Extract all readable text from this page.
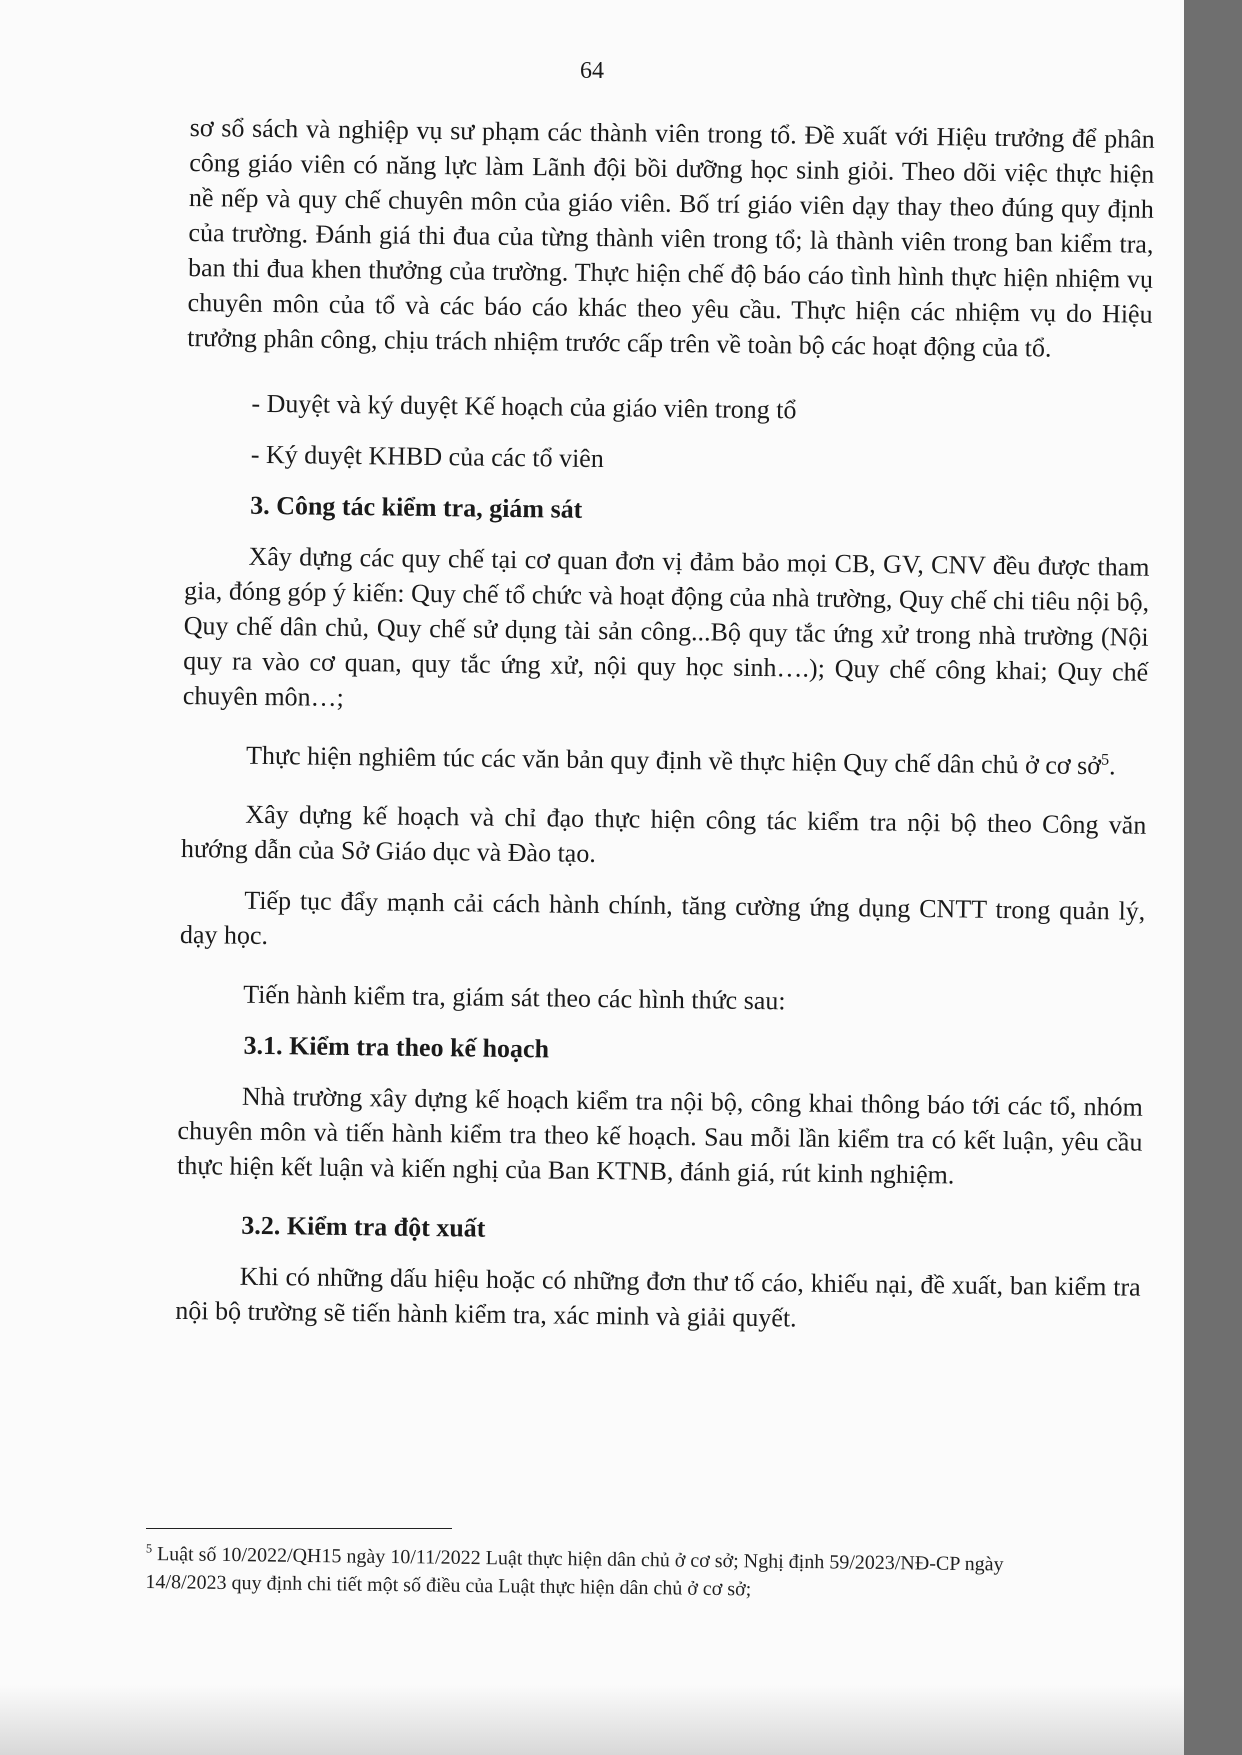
64

sơ sổ sách và nghiệp vụ sư phạm các thành viên trong tổ. Đề xuất với Hiệu trưởng để phân công giáo viên có năng lực làm Lãnh đội bồi dưỡng học sinh giỏi. Theo dõi việc thực hiện nề nếp và quy chế chuyên môn của giáo viên. Bố trí giáo viên dạy thay theo đúng quy định của trường. Đánh giá thi đua của từng thành viên trong tổ; là thành viên trong ban kiểm tra, ban thi đua khen thưởng của trường. Thực hiện chế độ báo cáo tình hình thực hiện nhiệm vụ chuyên môn của tổ và các báo cáo khác theo yêu cầu. Thực hiện các nhiệm vụ do Hiệu trưởng phân công, chịu trách nhiệm trước cấp trên về toàn bộ các hoạt động của tổ.

- Duyệt và ký duyệt Kế hoạch của giáo viên trong tổ

- Ký duyệt KHBD của các tổ viên

3. Công tác kiểm tra, giám sát

Xây dựng các quy chế tại cơ quan đơn vị đảm bảo mọi CB, GV, CNV đều được tham gia, đóng góp ý kiến: Quy chế tổ chức và hoạt động của nhà trường, Quy chế chi tiêu nội bộ, Quy chế dân chủ, Quy chế sử dụng tài sản công...Bộ quy tắc ứng xử trong nhà trường (Nội quy ra vào cơ quan, quy tắc ứng xử, nội quy học sinh….); Quy chế công khai; Quy chế chuyên môn…;

Thực hiện nghiêm túc các văn bản quy định về thực hiện Quy chế dân chủ ở cơ sở$^5$.

Xây dựng kế hoạch và chỉ đạo thực hiện công tác kiểm tra nội bộ theo Công văn hướng dẫn của Sở Giáo dục và Đào tạo.

Tiếp tục đẩy mạnh cải cách hành chính, tăng cường ứng dụng CNTT trong quản lý, dạy học.

Tiến hành kiểm tra, giám sát theo các hình thức sau:

3.1. Kiểm tra theo kế hoạch

Nhà trường xây dựng kế hoạch kiểm tra nội bộ, công khai thông báo tới các tổ, nhóm chuyên môn và tiến hành kiểm tra theo kế hoạch. Sau mỗi lần kiểm tra có kết luận, yêu cầu thực hiện kết luận và kiến nghị của Ban KTNB, đánh giá, rút kinh nghiệm.

3.2. Kiểm tra đột xuất

Khi có những dấu hiệu hoặc có những đơn thư tố cáo, khiếu nại, đề xuất, ban kiểm tra nội bộ trường sẽ tiến hành kiểm tra, xác minh và giải quyết.

$^5$ Luật số 10/2022/QH15 ngày 10/11/2022 Luật thực hiện dân chủ ở cơ sở; Nghị định 59/2023/NĐ-CP ngày 14/8/2023 quy định chi tiết một số điều của Luật thực hiện dân chủ ở cơ sở;
